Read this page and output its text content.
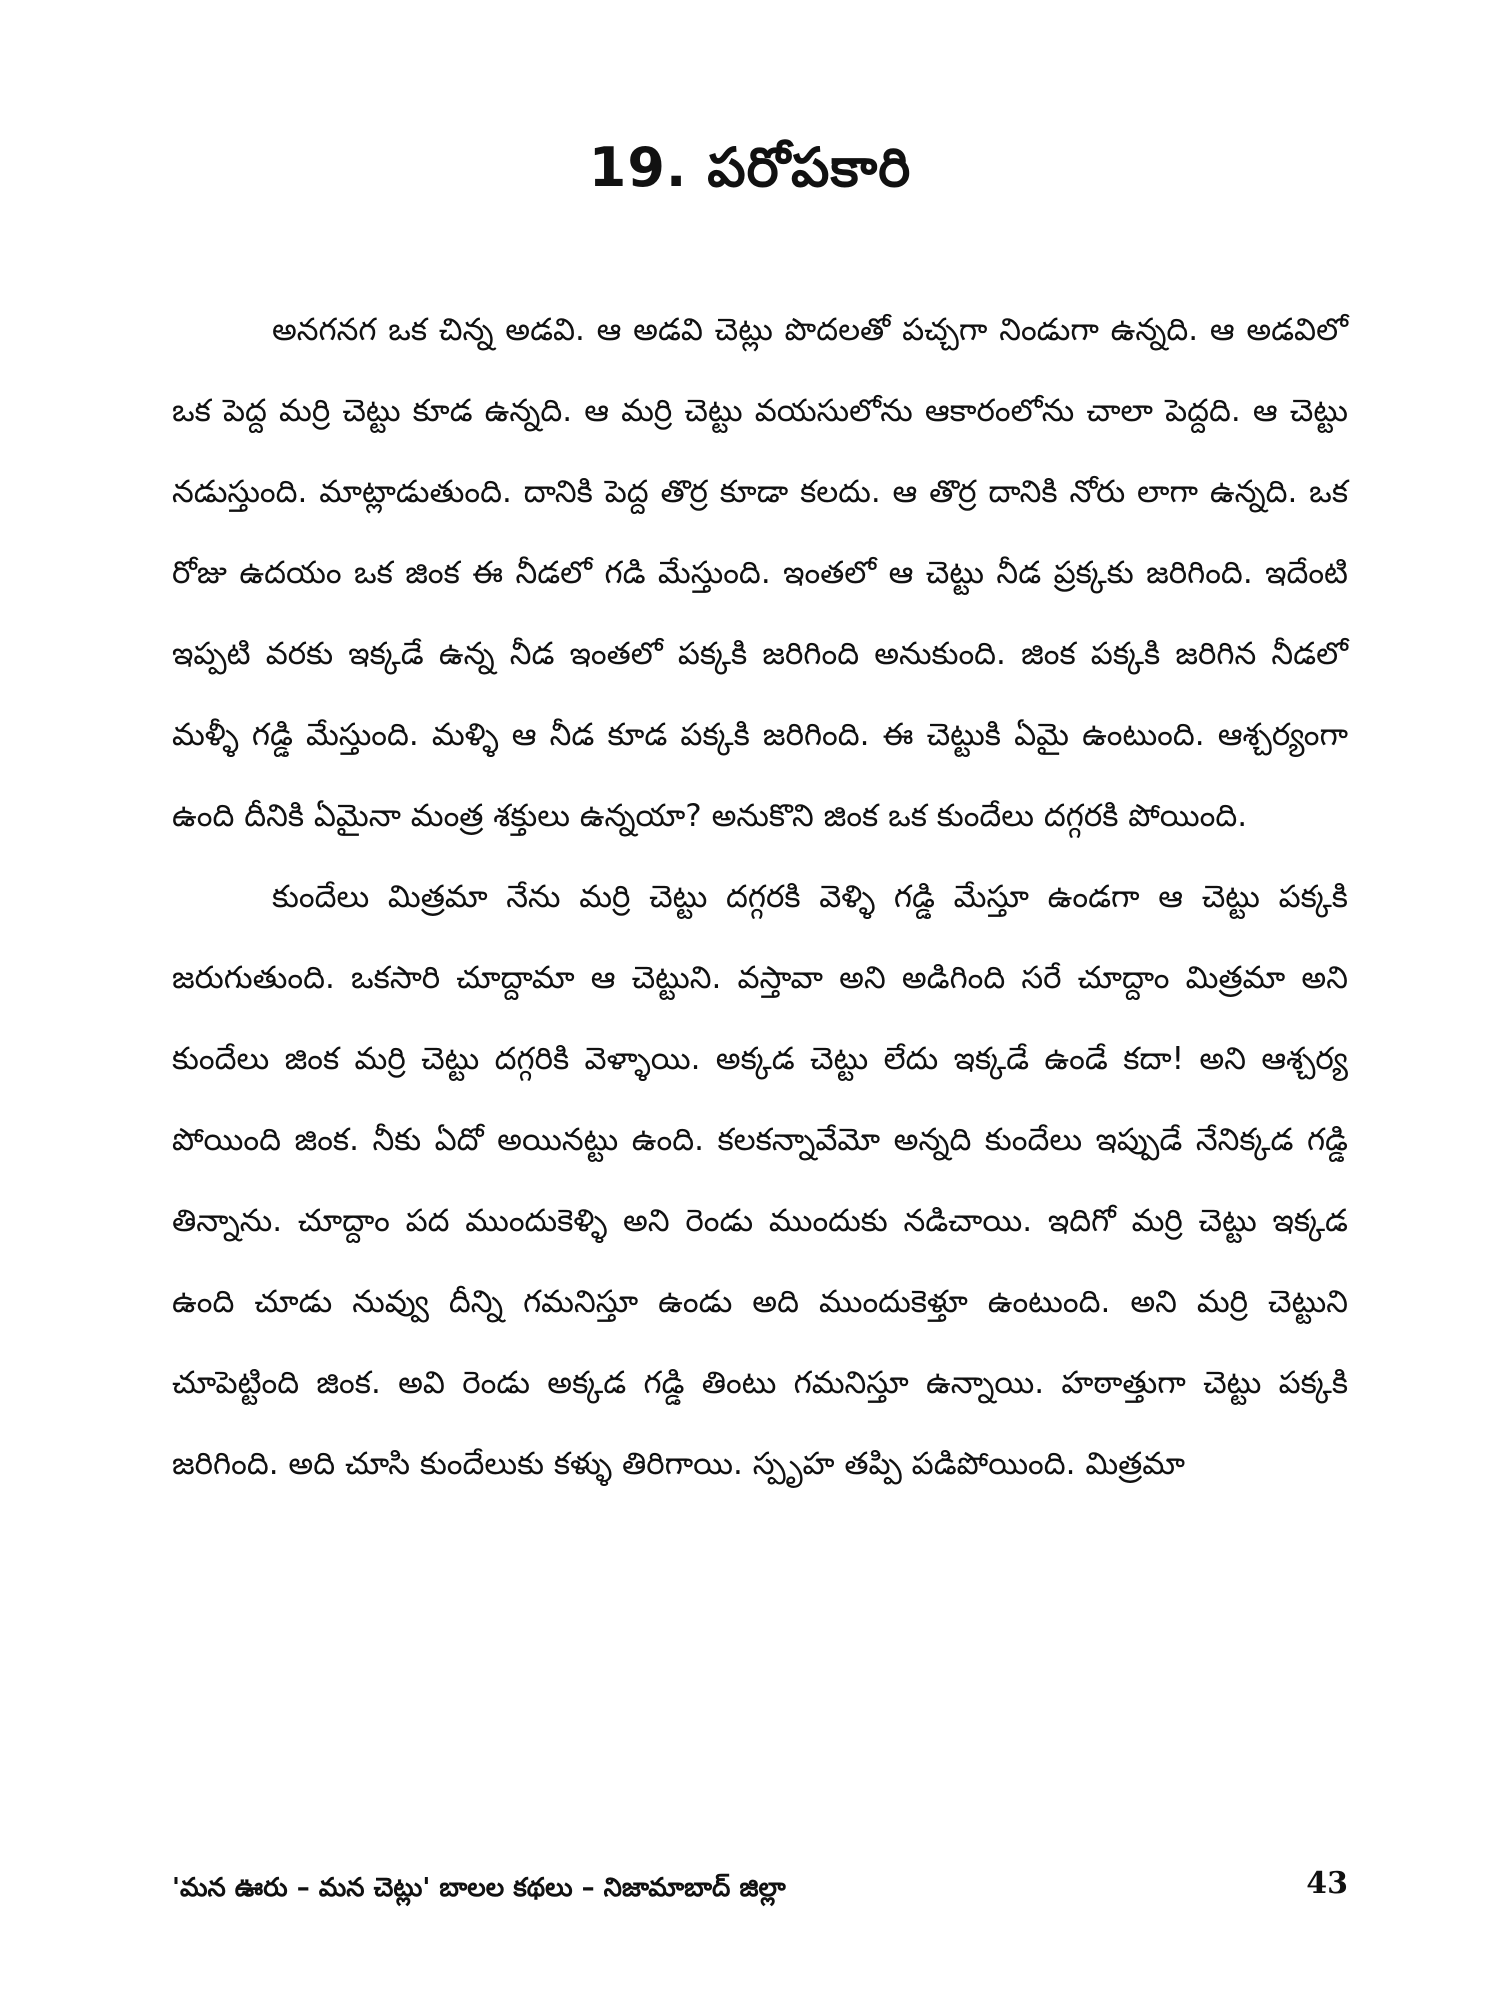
19. పరోపకారి

అనగనగ ఒక చిన్న అడవి. ఆ అడవి చెట్లు పొదలతో పచ్చగా నిండుగా ఉన్నది. ఆ అడవిలో ఒక పెద్ద మర్రి చెట్టు కూడ ఉన్నది. ఆ మర్రి చెట్టు వయసులోను ఆకారంలోను చాలా పెద్దది. ఆ చెట్టు నడుస్తుంది. మాట్లాడుతుంది. దానికి పెద్ద తొర్ర కూడా కలదు. ఆ తొర్ర దానికి నోరు లాగా ఉన్నది. ఒక రోజు ఉదయం ఒక జింక ఈ నీడలో గడి మేస్తుంది. ఇంతలో ఆ చెట్టు నీడ ప్రక్కకు జరిగింది. ఇదేంటి ఇప్పటి వరకు ఇక్కడే ఉన్న నీడ ఇంతలో పక్కకి జరిగింది అనుకుంది. జింక పక్కకి జరిగిన నీడలో మళ్ళీ గడ్డి మేస్తుంది. మళ్ళి ఆ నీడ కూడ పక్కకి జరిగింది. ఈ చెట్టుకి ఏమై ఉంటుంది. ఆశ్చర్యంగా ఉంది దీనికి ఏమైనా మంత్ర శక్తులు ఉన్నయా? అనుకొని జింక ఒక కుందేలు దగ్గరకి పోయింది.

కుందేలు మిత్రమా నేను మర్రి చెట్టు దగ్గరకి వెళ్ళి గడ్డి మేస్తూ ఉండగా ఆ చెట్టు పక్కకి జరుగుతుంది. ఒకసారి చూద్దామా ఆ చెట్టుని. వస్తావా అని అడిగింది సరే చూద్దాం మిత్రమా అని కుందేలు జింక మర్రి చెట్టు దగ్గరికి వెళ్ళాయి. అక్కడ చెట్టు లేదు ఇక్కడే ఉండే కదా! అని ఆశ్చర్య పోయింది జింక. నీకు ఏదో అయినట్టు ఉంది. కలకన్నావేమో అన్నది కుందేలు ఇప్పుడే నేనిక్కడ గడ్డి తిన్నాను. చూద్దాం పద ముందుకెళ్ళి అని రెండు ముందుకు నడిచాయి. ఇదిగో మర్రి చెట్టు ఇక్కడ ఉంది చూడు నువ్వు దీన్ని గమనిస్తూ ఉండు అది ముందుకెళ్తూ ఉంటుంది. అని మర్రి చెట్టుని చూపెట్టింది జింక. అవి రెండు అక్కడ గడ్డి తింటు గమనిస్తూ ఉన్నాయి. హఠాత్తుగా చెట్టు పక్కకి జరిగింది. అది చూసి కుందేలుకు కళ్ళు తిరిగాయి. స్పృహ తప్పి పడిపోయింది. మిత్రమా

'మన ఊరు – మన చెట్లు' బాలల కథలు – నిజామాబాద్ జిల్లా	43
